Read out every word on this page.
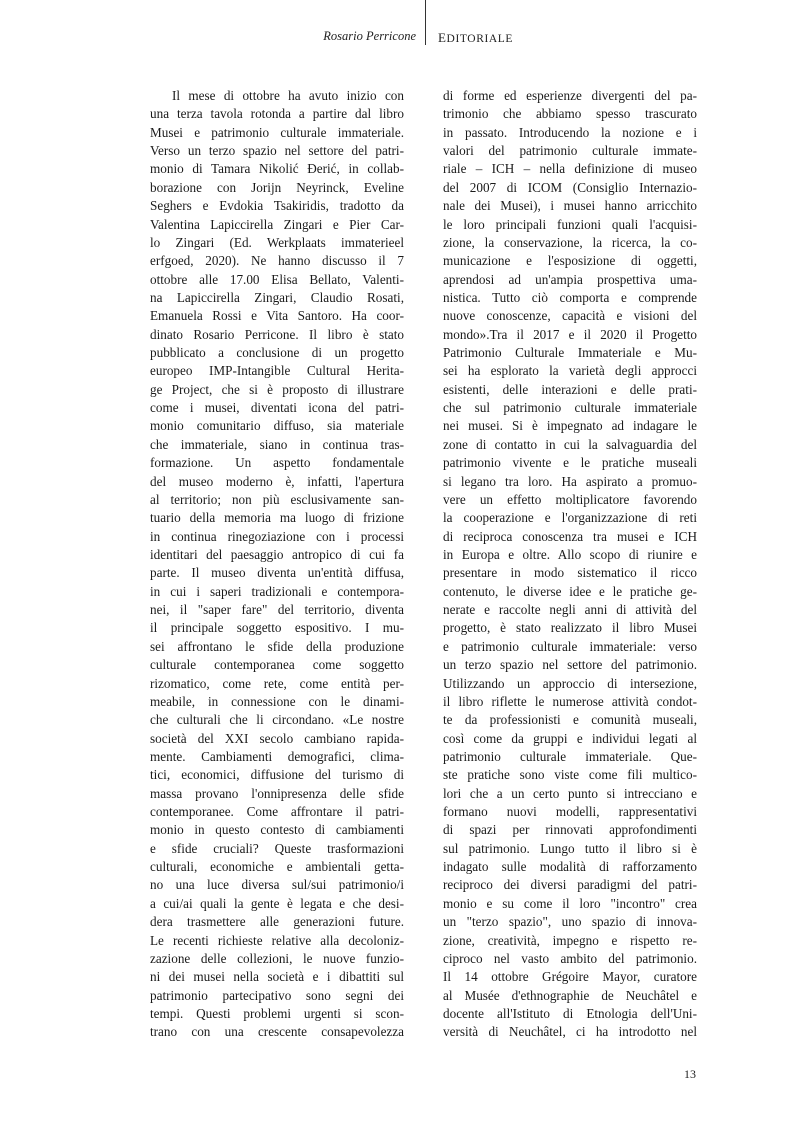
Rosario Perricone EDITORIALE

Il mese di ottobre ha avuto inizio con

una terza tavola rotonda a partire dal libro

Musei e patrimonio culturale immateriale.

Verso un terzo spazio nel settore del patri-

monio di Tamara Nikolić Đerić, in collab-

borazione con Jorijn Neyrinck, Eveline

Seghers e Evdokia Tsakiridis, tradotto da

Valentina Lapiccirella Zingari e Pier Car-

lo Zingari (Ed. Werkplaats immaterieel

erfgoed, 2020). Ne hanno discusso il 7

ottobre alle 17.00 Elisa Bellato, Valenti-

na Lapiccirella Zingari, Claudio Rosati,

Emanuela Rossi e Vita Santoro. Ha coor-

dinato Rosario Perricone. Il libro è stato

pubblicato a conclusione di un progetto

europeo IMP-Intangible Cultural Herita-

ge Project, che si è proposto di illustrare

come i musei, diventati icona del patri-

monio comunitario diffuso, sia materiale

che immateriale, siano in continua tras-

formazione. Un aspetto fondamentale

del museo moderno è, infatti, l'apertura

al territorio; non più esclusivamente san-

tuario della memoria ma luogo di frizione

in continua rinegoziazione con i processi

identitari del paesaggio antropico di cui fa

parte. Il museo diventa un'entità diffusa,

in cui i saperi tradizionali e contempora-

nei, il "saper fare" del territorio, diventa

il principale soggetto espositivo. I mu-

sei affrontano le sfide della produzione

culturale contemporanea come soggetto

rizomatico, come rete, come entità per-

meabile, in connessione con le dinami-

che culturali che li circondano. «Le nostre

società del XXI secolo cambiano rapida-

mente. Cambiamenti demografici, clima-

tici, economici, diffusione del turismo di

massa provano l'onnipresenza delle sfide

contemporanee. Come affrontare il patri-

monio in questo contesto di cambiamenti

e sfide cruciali? Queste trasformazioni

culturali, economiche e ambientali getta-

no una luce diversa sul/sui patrimonio/i

a cui/ai quali la gente è legata e che desi-

dera trasmettere alle generazioni future.

Le recenti richieste relative alla decoloniz-

zazione delle collezioni, le nuove funzio-

ni dei musei nella società e i dibattiti sul

patrimonio partecipativo sono segni dei

tempi. Questi problemi urgenti si scon-

trano con una crescente consapevolezza

di forme ed esperienze divergenti del pa-

trimonio che abbiamo spesso trascurato

in passato. Introducendo la nozione e i

valori del patrimonio culturale immate-

riale – ICH – nella definizione di museo

del 2007 di ICOM (Consiglio Internazio-

nale dei Musei), i musei hanno arricchito

le loro principali funzioni quali l'acquisi-

zione, la conservazione, la ricerca, la co-

municazione e l'esposizione di oggetti,

aprendosi ad un'ampia prospettiva uma-

nistica. Tutto ciò comporta e comprende

nuove conoscenze, capacità e visioni del

mondo».Tra il 2017 e il 2020 il Progetto

Patrimonio Culturale Immateriale e Mu-

sei ha esplorato la varietà degli approcci

esistenti, delle interazioni e delle prati-

che sul patrimonio culturale immateriale

nei musei. Si è impegnato ad indagare le

zone di contatto in cui la salvaguardia del

patrimonio vivente e le pratiche museali

si legano tra loro. Ha aspirato a promuo-

vere un effetto moltiplicatore favorendo

la cooperazione e l'organizzazione di reti

di reciproca conoscenza tra musei e ICH

in Europa e oltre. Allo scopo di riunire e

presentare in modo sistematico il ricco

contenuto, le diverse idee e le pratiche ge-

nerate e raccolte negli anni di attività del

progetto, è stato realizzato il libro Musei

e patrimonio culturale immateriale: verso

un terzo spazio nel settore del patrimonio.

Utilizzando un approccio di intersezione,

il libro riflette le numerose attività condot-

te da professionisti e comunità museali,

così come da gruppi e individui legati al

patrimonio culturale immateriale. Que-

ste pratiche sono viste come fili multico-

lori che a un certo punto si intrecciano e

formano nuovi modelli, rappresentativi

di spazi per rinnovati approfondimenti

sul patrimonio. Lungo tutto il libro si è

indagato sulle modalità di rafforzamento

reciproco dei diversi paradigmi del patri-

monio e su come il loro "incontro" crea

un "terzo spazio", uno spazio di innova-

zione, creatività, impegno e rispetto re-

ciproco nel vasto ambito del patrimonio.

Il 14 ottobre Grégoire Mayor, curatore

al Musée d'ethnographie de Neuchâtel e

docente all'Istituto di Etnologia dell'Uni-

versità di Neuchâtel, ci ha introdotto nel

13
